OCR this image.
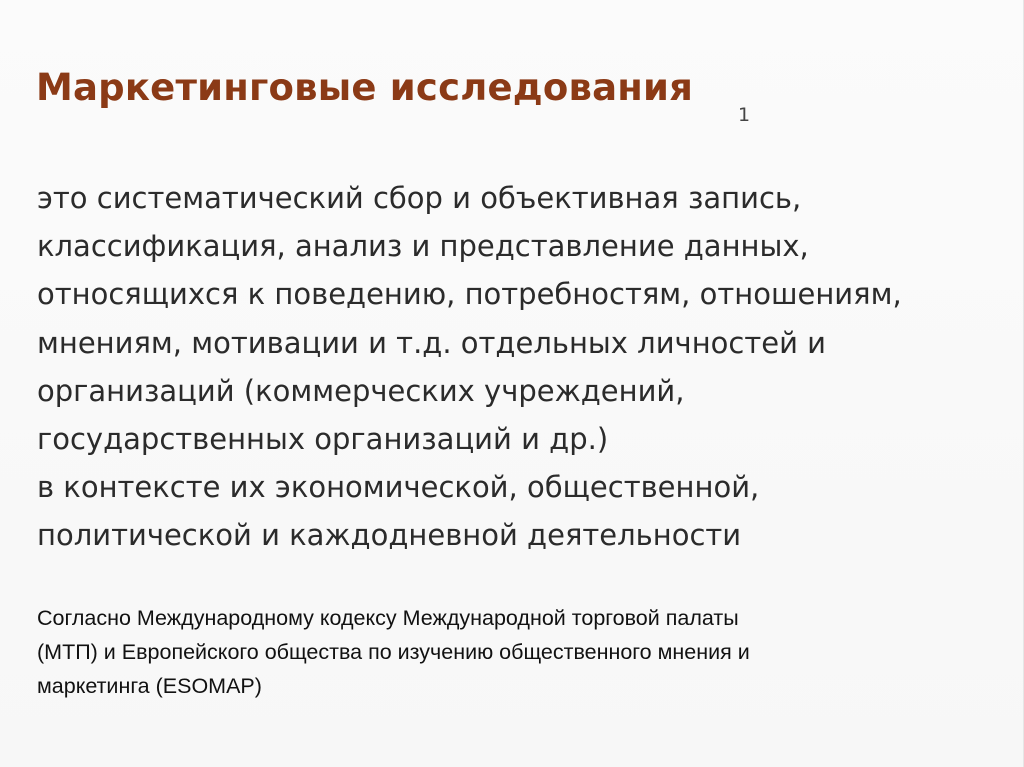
Маркетинговые исследования
1
это систематический сбор и объективная запись,
классификация, анализ и представление данных,
относящихся к поведению, потребностям, отношениям,
мнениям, мотивации и т.д. отдельных личностей и
организаций (коммерческих учреждений,
государственных организаций и др.)
в контексте их экономической, общественной,
политической и каждодневной деятельности
Согласно Международному кодексу Международной торговой палаты
(МТП) и Европейского общества по изучению общественного мнения и
маркетинга (ESOMAP)
